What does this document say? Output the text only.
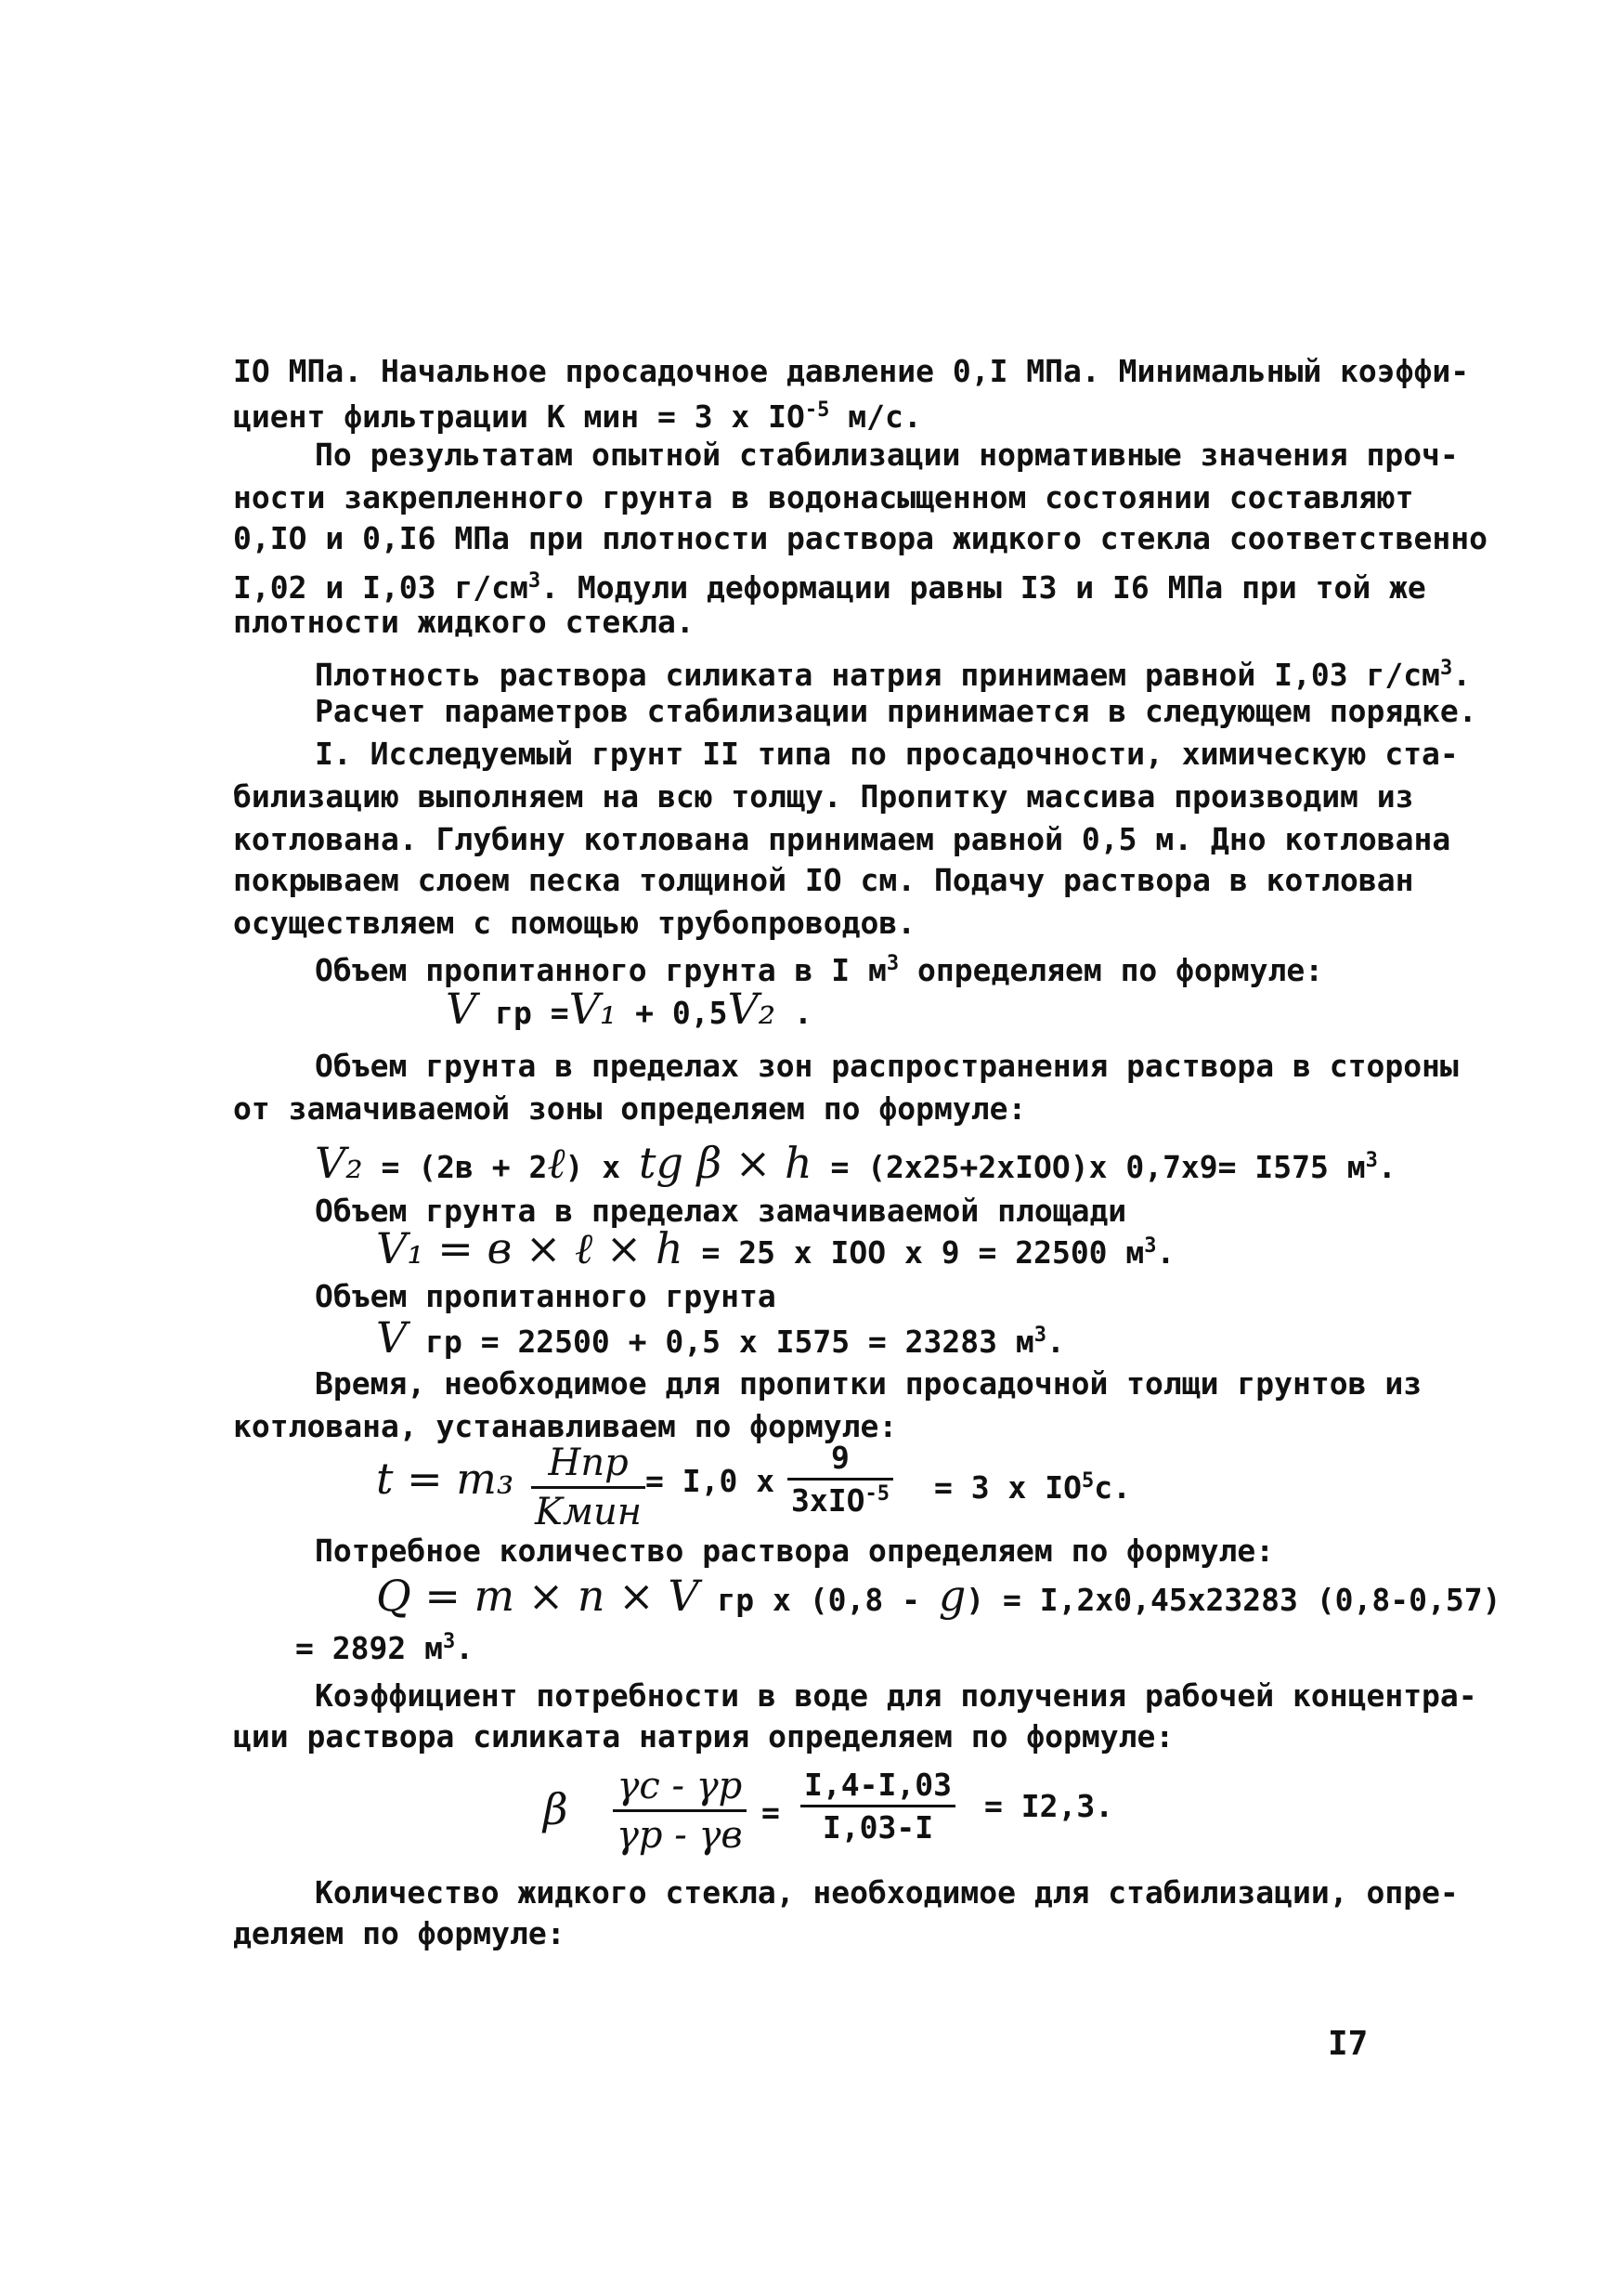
IO МПа. Начальное просадочное давление 0,I МПа. Минимальный коэффи-
циент фильтрации К мин = 3 х $IO^{-5}$ м/с.
По результатам опытной стабилизации нормативные значения проч-
ности закрепленного грунта в водонасыщенном состоянии составляют
0,IO и 0,I6 МПа при плотности раствора жидкого стекла соответственно
I,02 и I,03 $г/см^3$. Модули деформации равны I3 и I6 МПа при той же
плотности жидкого стекла.
Плотность раствора силиката натрия принимаем равной I,03 $г/см^3$.
Расчет параметров стабилизации принимается в следующем порядке.
I. Исследуемый грунт II типа по просадочности, химическую ста-
билизацию выполняем на всю толщу. Пропитку массива производим из
котлована. Глубину котлована принимаем равной 0,5 м. Дно котлована
покрываем слоем песка толщиной IO см. Подачу раствора в котлован
осуществляем с помощью трубопроводов.
Объем пропитанного грунта в I $м^3$ определяем по формуле:
V гр =V₁ + 0,5V₂ .
Объем грунта в пределах зон распространения раствора в стороны
от замачиваемой зоны определяем по формуле:
V₂ = (2в + 2ℓ) х tg β × h = (2х25+2хIOO)х 0,7х9= I575 $м^3$.
Объем грунта в пределах замачиваемой площади
V₁ = в × ℓ × h = 25 х IOO х 9 = 22500 $м^3$.
Объем пропитанного грунта
V гр = 22500 + 0,5 х I575 = 23283 $м^3$.
Время, необходимое для пропитки просадочной толщи грунтов из
котлована, устанавливаем по формуле:
t = m₃ Hпр
Kмин
= I,0 х
9
3хIO$^{-5}$ = 3 х $IO^5с$.
Потребное количество раствора определяем по формуле:
Q = m × n × V гр х (0,8 - g) = I,2х0,45х23283 (0,8-0,57)
= 2892 $м^3$.
Коэффициент потребности в воде для получения рабочей концентра-
ции раствора силиката натрия определяем по формуле:
β γc - γp
γp - γв
= $\frac{I,4-I,03}{I,03-I} = I2,3$.
Количество жидкого стекла, необходимое для стабилизации, опре-
деляем по формуле:
I7
